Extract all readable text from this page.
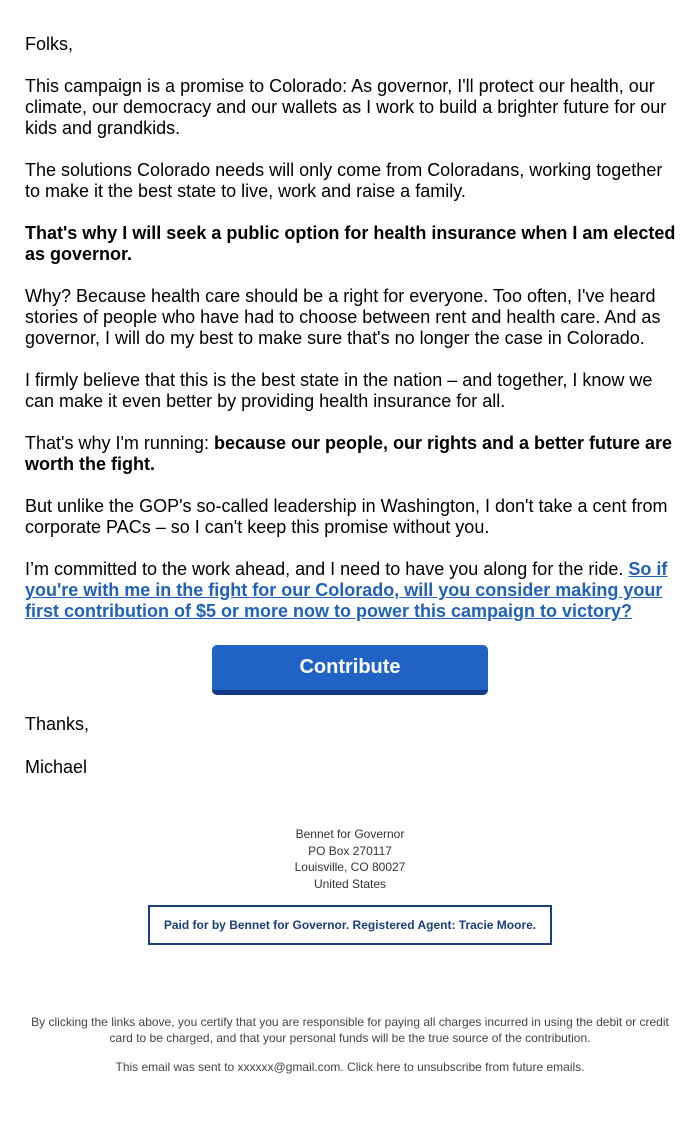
Folks,

This campaign is a promise to Colorado: As governor, I'll protect our health, our climate, our democracy and our wallets as I work to build a brighter future for our kids and grandkids.

The solutions Colorado needs will only come from Coloradans, working together to make it the best state to live, work and raise a family.

That's why I will seek a public option for health insurance when I am elected as governor.

Why? Because health care should be a right for everyone. Too often, I've heard stories of people who have had to choose between rent and health care. And as governor, I will do my best to make sure that's no longer the case in Colorado.

I firmly believe that this is the best state in the nation – and together, I know we can make it even better by providing health insurance for all.

That's why I'm running: because our people, our rights and a better future are worth the fight.

But unlike the GOP's so-called leadership in Washington, I don't take a cent from corporate PACs – so I can't keep this promise without you.

I’m committed to the work ahead, and I need to have you along for the ride. So if you're with me in the fight for our Colorado, will you consider making your first contribution of $5 or more now to power this campaign to victory?

Contribute
Thanks,
Michael
Bennet for Governor
PO Box 270117
Louisville, CO 80027
United States
Paid for by Bennet for Governor. Registered Agent: Tracie Moore.
By clicking the links above, you certify that you are responsible for paying all charges incurred in using the debit or credit card to be charged, and that your personal funds will be the true source of the contribution.
This email was sent to xxxxxx@gmail.com. Click here to unsubscribe from future emails.
